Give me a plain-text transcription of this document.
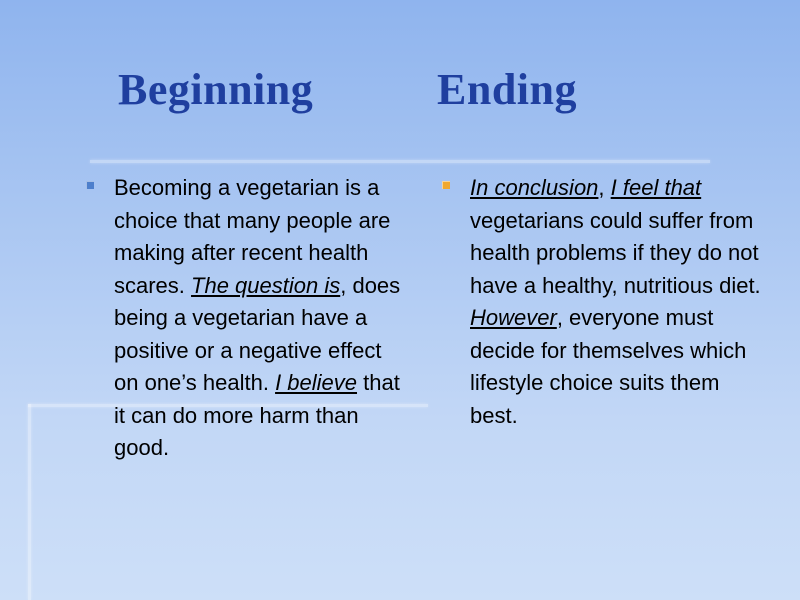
Beginning	Ending
Becoming a vegetarian is a choice that many people are making after recent health scares. The question is, does being a vegetarian have a positive or a negative effect on one’s health. I believe that it can do more harm than good.
In conclusion, I feel that vegetarians could suffer from health problems if they do not have a healthy, nutritious diet. However, everyone must decide for themselves which lifestyle choice suits them best.
